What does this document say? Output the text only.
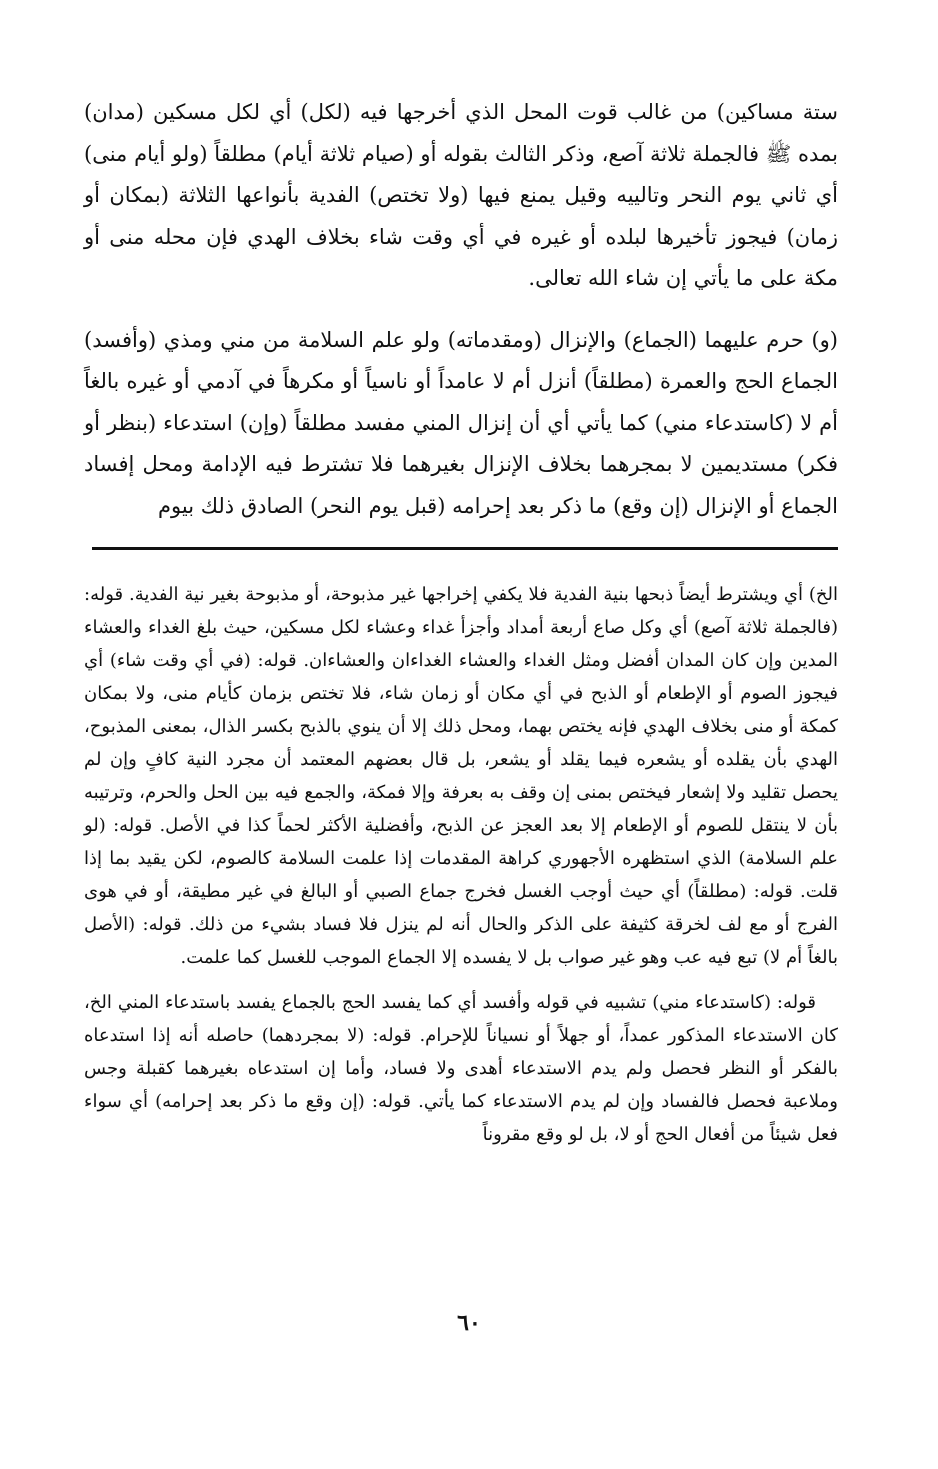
ستة مساكين) من غالب قوت المحل الذي أخرجها فيه (لكل) أي لكل مسكين (مدان) بمده ﷺ فالجملة ثلاثة آصع، وذكر الثالث بقوله أو (صيام ثلاثة أيام) مطلقاً (ولو أيام منى) أي ثاني يوم النحر وتالييه وقيل يمنع فيها (ولا تختص) الفدية بأنواعها الثلاثة (بمكان أو زمان) فيجوز تأخيرها لبلده أو غيره في أي وقت شاء بخلاف الهدي فإن محله منى أو مكة على ما يأتي إن شاء الله تعالى.

(و) حرم عليهما (الجماع) والإنزال (ومقدماته) ولو علم السلامة من مني ومذي (وأفسد) الجماع الحج والعمرة (مطلقاً) أنزل أم لا عامداً أو ناسياً أو مكرهاً في آدمي أو غيره بالغاً أم لا (كاستدعاء مني) كما يأتي أي أن إنزال المني مفسد مطلقاً (وإن) استدعاء (بنظر أو فكر) مستديمين لا بمجرهما بخلاف الإنزال بغيرهما فلا تشترط فيه الإدامة ومحل إفساد الجماع أو الإنزال (إن وقع) ما ذكر بعد إحرامه (قبل يوم النحر) الصادق ذلك بيوم

الخ) أي ويشترط أيضاً ذبحها بنية الفدية فلا يكفي إخراجها غير مذبوحة، أو مذبوحة بغير نية الفدية. قوله: (فالجملة ثلاثة آصع) أي وكل صاع أربعة أمداد وأجزأ غداء وعشاء لكل مسكين، حيث بلغ الغداء والعشاء المدين وإن كان المدان أفضل ومثل الغداء والعشاء الغداءان والعشاءان. قوله: (في أي وقت شاء) أي فيجوز الصوم أو الإطعام أو الذبح في أي مكان أو زمان شاء، فلا تختص بزمان كأيام منى، ولا بمكان كمكة أو منى بخلاف الهدي فإنه يختص بهما، ومحل ذلك إلا أن ينوي بالذبح بكسر الذال، بمعنى المذبوح، الهدي بأن يقلده أو يشعره فيما يقلد أو يشعر، بل قال بعضهم المعتمد أن مجرد النية كافٍ وإن لم يحصل تقليد ولا إشعار فيختص بمنى إن وقف به بعرفة وإلا فمكة، والجمع فيه بين الحل والحرم، وترتيبه بأن لا ينتقل للصوم أو الإطعام إلا بعد العجز عن الذبح، وأفضلية الأكثر لحماً كذا في الأصل. قوله: (لو علم السلامة) الذي استظهره الأجهوري كراهة المقدمات إذا علمت السلامة كالصوم، لكن يقيد بما إذا قلت. قوله: (مطلقاً) أي حيث أوجب الغسل فخرج جماع الصبي أو البالغ في غير مطيقة، أو في هوى الفرج أو مع لف لخرقة كثيفة على الذكر والحال أنه لم ينزل فلا فساد بشيء من ذلك. قوله: (الأصل بالغاً أم لا) تبع فيه عب وهو غير صواب بل لا يفسده إلا الجماع الموجب للغسل كما علمت.

قوله: (كاستدعاء مني) تشبيه في قوله وأفسد أي كما يفسد الحج بالجماع يفسد باستدعاء المني الخ، كان الاستدعاء المذكور عمداً، أو جهلاً أو نسياناً للإحرام. قوله: (لا بمجردهما) حاصله أنه إذا استدعاه بالفكر أو النظر فحصل ولم يدم الاستدعاء أهدى ولا فساد، وأما إن استدعاه بغيرهما كقبلة وجس وملاعبة فحصل فالفساد وإن لم يدم الاستدعاء كما يأتي. قوله: (إن وقع ما ذكر بعد إحرامه) أي سواء فعل شيئاً من أفعال الحج أو لا، بل لو وقع مقروناً

٦٠
